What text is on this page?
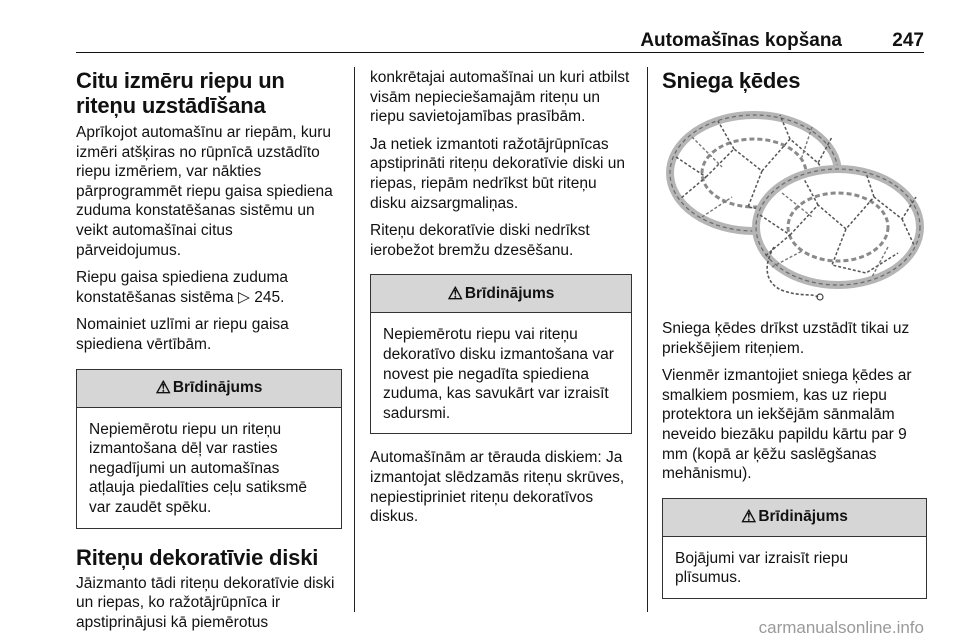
Automašīnas kopšana	247
Citu izmēru riepu un riteņu uzstādīšana

Aprīkojot automašīnu ar riepām, kuru izmēri atšķiras no rūpnīcā uzstādīto riepu izmēriem, var nākties pārprogrammēt riepu gaisa spiediena zuduma konstatēšanas sistēmu un veikt automašīnai citus pārveidojumus.

Riepu gaisa spiediena zuduma konstatēšanas sistēma ▷ 245.

Nomainiet uzlīmi ar riepu gaisa spiediena vērtībām.

⚠ Brīdinājums
Nepiemērotu riepu un riteņu izmantošana dēļ var rasties negadījumi un automašīnas atļauja piedalīties ceļu satiksmē var zaudēt spēku.
Riteņu dekoratīvie diski

Jāizmanto tādi riteņu dekoratīvie diski un riepas, ko ražotājrūpnīca ir apstiprinājusi kā piemērotus

konkrētajai automašīnai un kuri atbilst visām nepieciešamajām riteņu un riepu savietojamības prasībām.

Ja netiek izmantoti ražotājrūpnīcas apstiprināti riteņu dekoratīvie diski un riepas, riepām nedrīkst būt riteņu disku aizsargmaliņas.

Riteņu dekoratīvie diski nedrīkst ierobežot bremžu dzesēšanu.

⚠ Brīdinājums
Nepiemērotu riepu vai riteņu dekoratīvo disku izmantošana var novest pie negadīta spiediena zuduma, kas savukārt var izraisīt sadursmi.

Automašīnām ar tērauda diskiem: Ja izmantojat slēdzamās riteņu skrūves, nepiestipriniet riteņu dekoratīvos diskus.

Sniega ķēdes

Sniega ķēdes drīkst uzstādīt tikai uz priekšējiem riteņiem.

Vienmēr izmantojiet sniega ķēdes ar smalkiem posmiem, kas uz riepu protektora un iekšējām sānmalām neveido biezāku papildu kārtu par 9 mm (kopā ar ķēžu saslēgšanas mehānismu).

⚠ Brīdinājums
Bojājumi var izraisīt riepu plīsumus.
carmanualsonline.info
